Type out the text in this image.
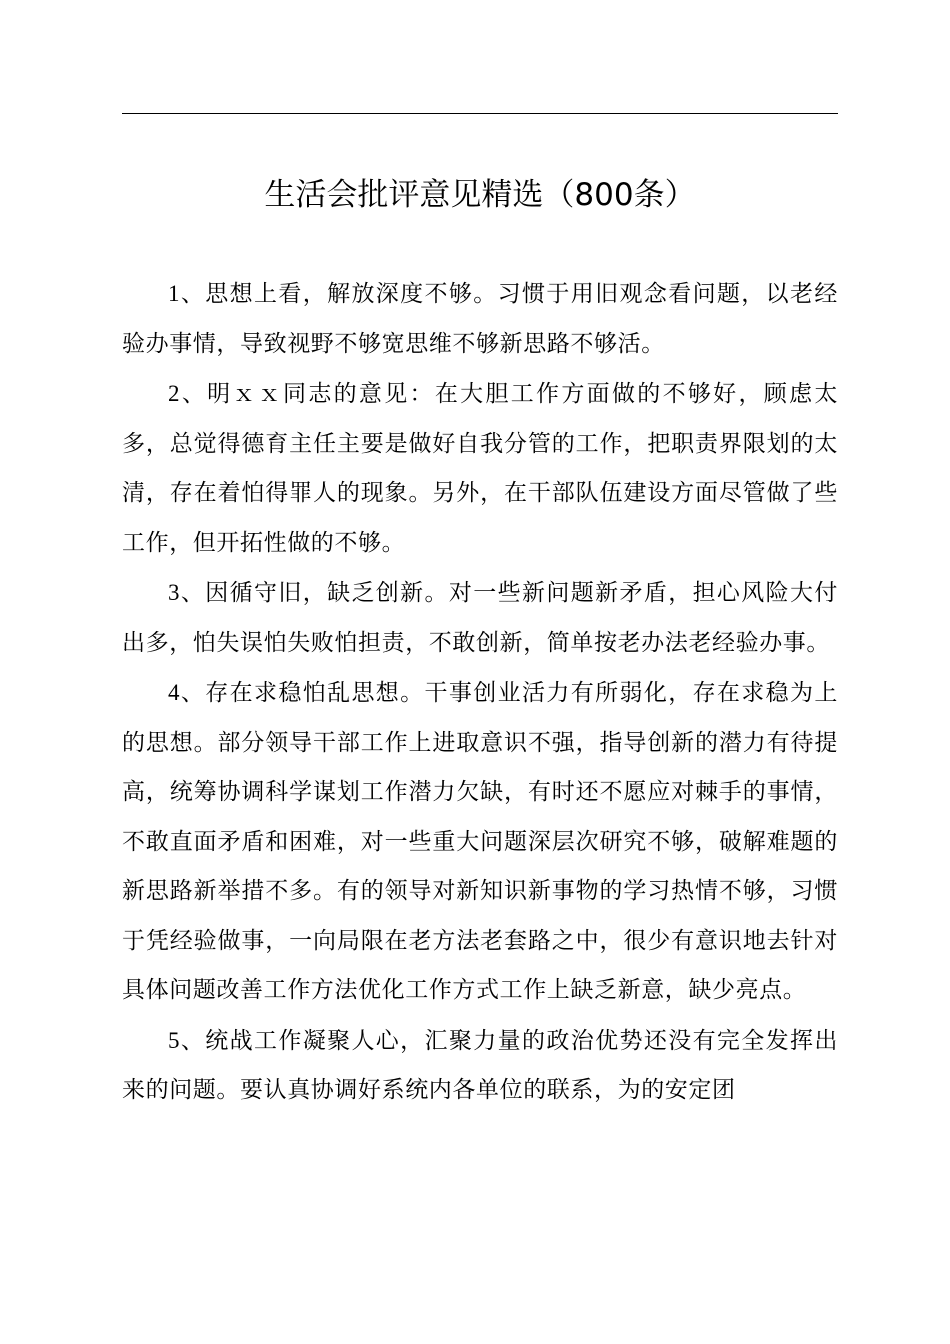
生活会批评意见精选（800条）

1、思想上看，解放深度不够。习惯于用旧观念看问题，以老经验办事情，导致视野不够宽思维不够新思路不够活。

2、明ｘｘ同志的意见：在大胆工作方面做的不够好，顾虑太多，总觉得德育主任主要是做好自我分管的工作，把职责界限划的太清，存在着怕得罪人的现象。另外，在干部队伍建设方面尽管做了些工作，但开拓性做的不够。

3、因循守旧，缺乏创新。对一些新问题新矛盾，担心风险大付出多，怕失误怕失败怕担责，不敢创新，简单按老办法老经验办事。

4、存在求稳怕乱思想。干事创业活力有所弱化，存在求稳为上的思想。部分领导干部工作上进取意识不强，指导创新的潜力有待提高，统筹协调科学谋划工作潜力欠缺，有时还不愿应对棘手的事情，不敢直面矛盾和困难，对一些重大问题深层次研究不够，破解难题的新思路新举措不多。有的领导对新知识新事物的学习热情不够，习惯于凭经验做事，一向局限在老方法老套路之中，很少有意识地去针对具体问题改善工作方法优化工作方式工作上缺乏新意，缺少亮点。

5、统战工作凝聚人心，汇聚力量的政治优势还没有完全发挥出来的问题。要认真协调好系统内各单位的联系，为的安定团
